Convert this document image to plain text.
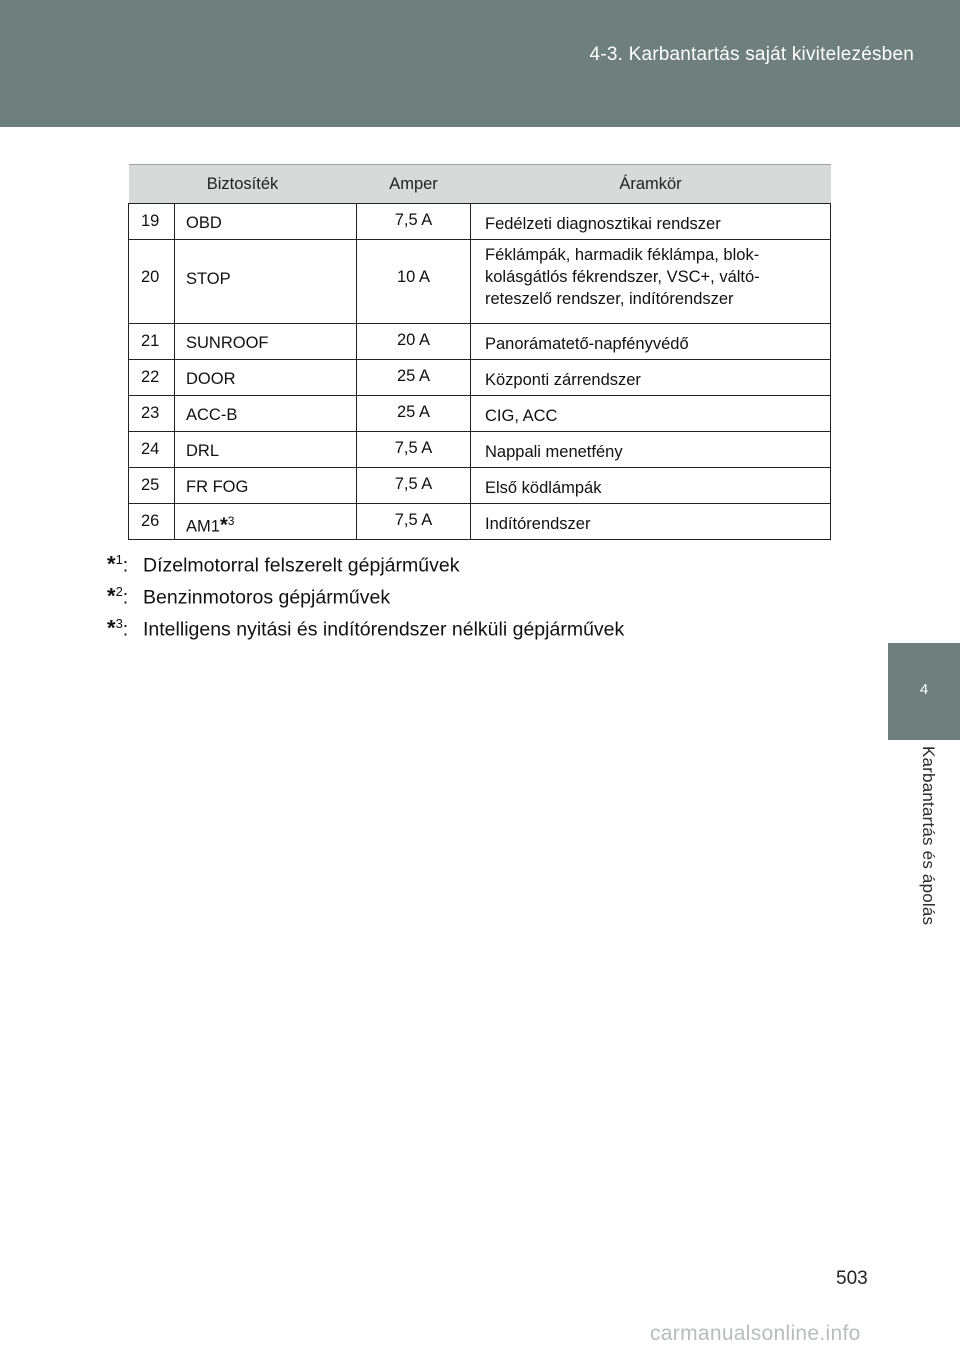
4-3. Karbantartás saját kivitelezésben
4
Karbantartás és ápolás
Biztosíték		Amper	Áramkör
19	OBD	7,5 A	Fedélzeti diagnosztikai rendszer
20	STOP	10 A	Féklámpák, harmadik féklámpa, blok-
kolásgátlós fékrendszer, VSC+, váltó-
reteszelő rendszer, indítórendszer
21	SUNROOF	20 A	Panorámatető-napfényvédő
22	DOOR	25 A	Központi zárrendszer
23	ACC-B	25 A	CIG, ACC
24	DRL	7,5 A	Nappali menetfény
25	FR FOG	7,5 A	Első ködlámpák
26	AM1*$^3$	7,5 A	Indítórendszer
*$^1$: Dízelmotorral felszerelt gépjárművek
*$^2$: Benzinmotoros gépjárművek
*$^3$: Intelligens nyitási és indítórendszer nélküli gépjárművek
503
carmanualsonline.info
